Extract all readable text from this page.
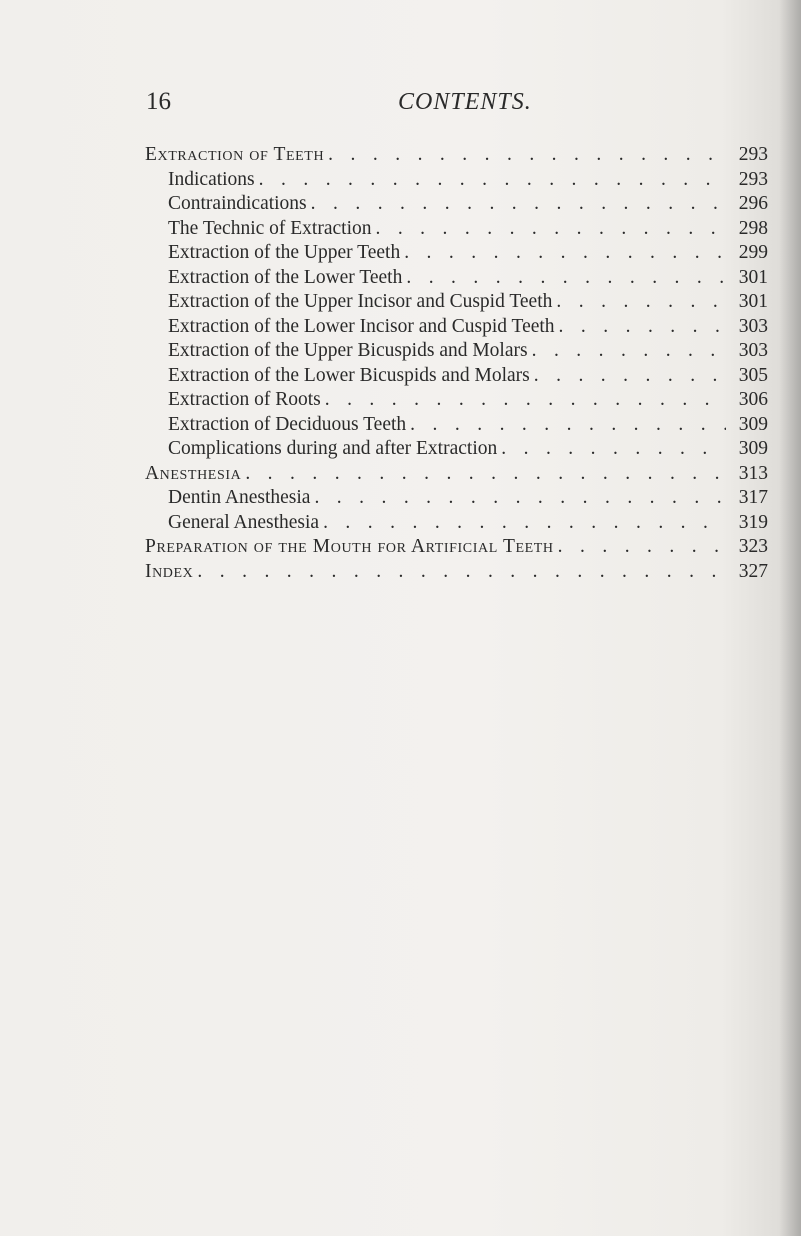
16	CONTENTS.
Extraction of Teeth . . .	293
Indications . . .	293
Contraindications . . .	296
The Technic of Extraction . . .	298
Extraction of the Upper Teeth . . .	299
Extraction of the Lower Teeth . . .	301
Extraction of the Upper Incisor and Cuspid Teeth . . .	301
Extraction of the Lower Incisor and Cuspid Teeth . . .	303
Extraction of the Upper Bicuspids and Molars . . .	303
Extraction of the Lower Bicuspids and Molars . . .	305
Extraction of Roots . . .	306
Extraction of Deciduous Teeth . . .	309
Complications during and after Extraction . . .	309
Anesthesia . . .	313
Dentin Anesthesia . . .	317
General Anesthesia . . .	319
Preparation of the Mouth for Artificial Teeth . . .	323
Index . . .	327
